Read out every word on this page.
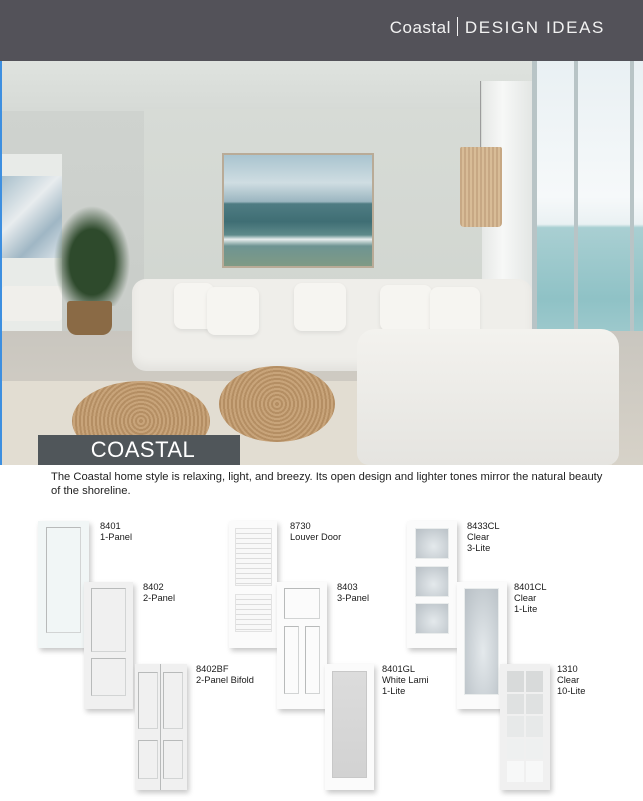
Coastal DESIGN IDEAS
COASTAL

The Coastal home style is relaxing, light, and breezy. Its open design and lighter tones mirror the natural beauty of the shoreline.

8401
1-Panel
8402
2-Panel
8402BF
2-Panel Bifold
8730
Louver Door
8403
3-Panel
8401GL
White Lami
1-Lite
8433CL
Clear
3-Lite
8401CL
Clear
1-Lite
1310
Clear
10-Lite
